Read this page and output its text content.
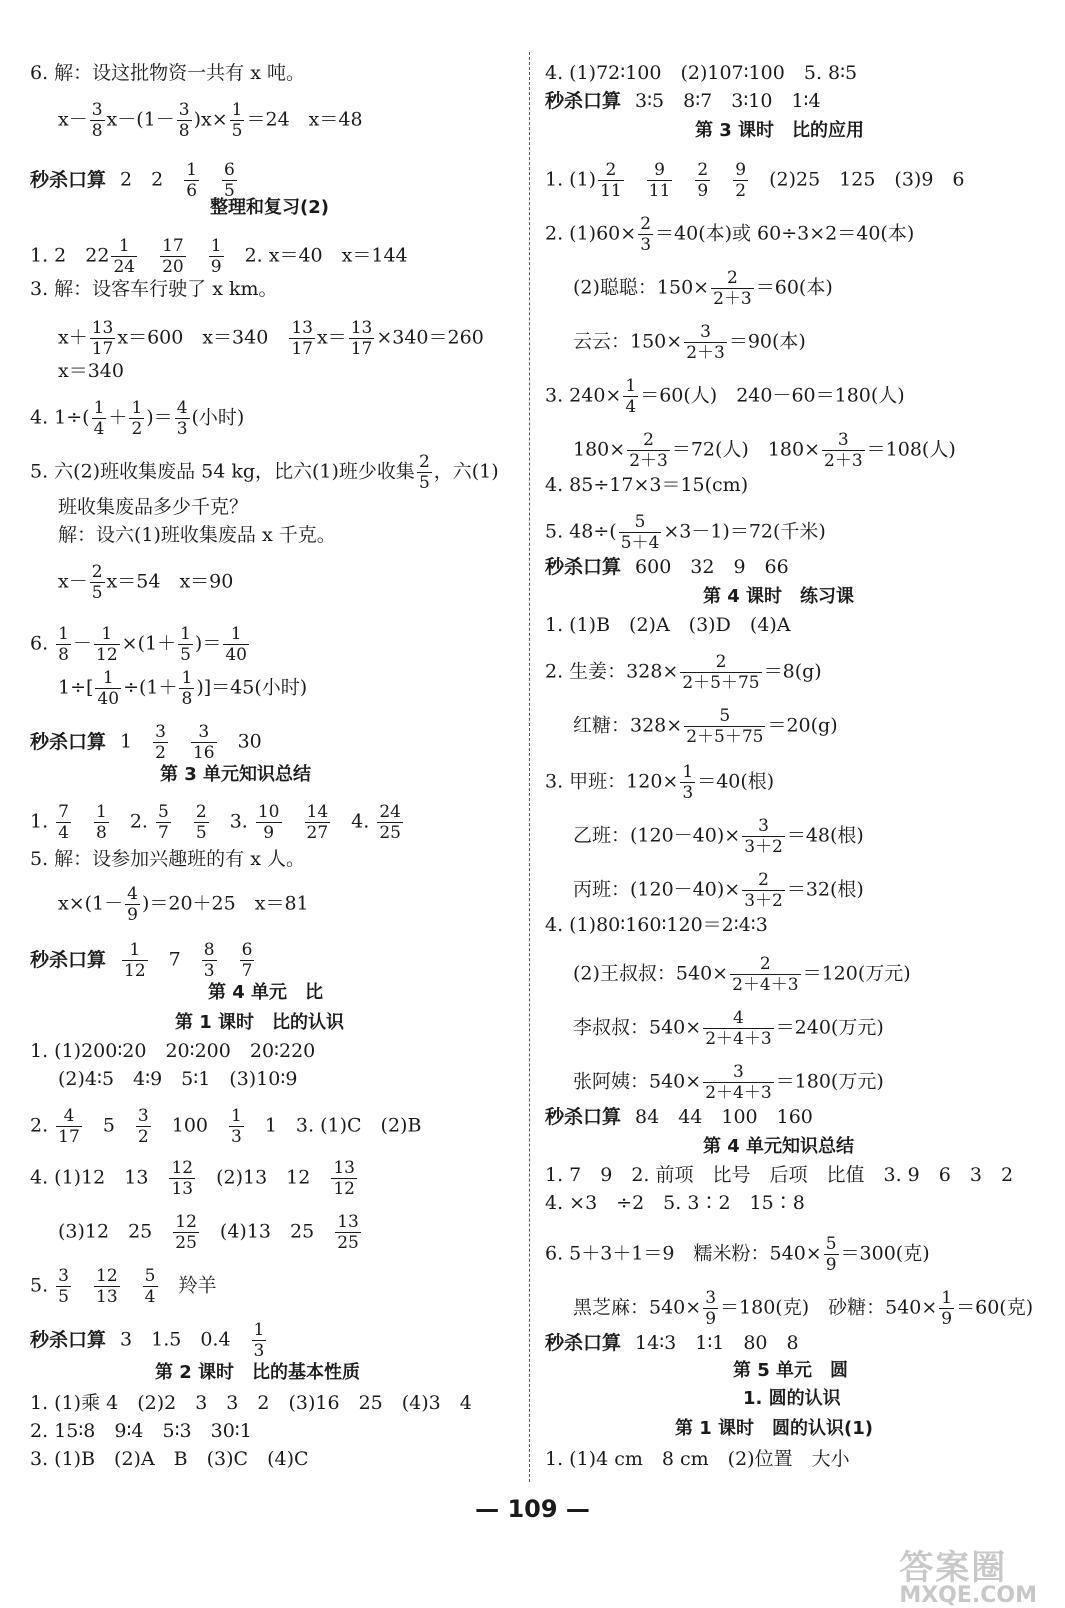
6. 解：设这批物资一共有 x 吨。
$x- \frac{3}{8} x-(1- \frac{3}{8} )x\times \frac{1}{5} =24$　x＝48
秒杀口算 2　2　 $\frac{1}{6}$
　 $\frac{6}{5}$
整理和复习(2)
1. 2　$22 \frac{1}{24}$
　 $\frac{17}{20}$
　 $\frac{1}{9}$ 　2. x＝40　x＝144
3. 解：设客车行驶了 x km。
$x+ \frac{13}{17} x=600$　x＝340　 $\frac{13}{17} x= \frac{13}{17} \times 340=260$
x＝340
4. $1\div( \frac{1}{4} + \frac{1}{2}$ )＝ $\frac{4}{3}$ (小时)
5. 六(2)班收集废品 54 kg，比六(1)班少收集 $\frac{2}{5}$ ，六(1)
班收集废品多少千克？
解：设六(1)班收集废品 x 千克。
$x- \frac{2}{5} x=54$　x＝90
6. $\frac{1}{8} - \frac{1}{12} \times(1+ \frac{1}{5}$ )＝ $\frac{1}{40}$
$1\div[ \frac{1}{40} \div(1+ \frac{1}{8} )]=45$(小时)
秒杀口算 1　 $\frac{3}{2}$
　 $\frac{3}{16}$ 　30
第 3 单元知识总结
1. $\frac{7}{4}$
　 $\frac{1}{8}$ 　2. $\frac{5}{7}$
　 $\frac{2}{5}$ 　3. $\frac{10}{9}$
　 $\frac{14}{27}$ 　4. $\frac{24}{25}$
5. 解：设参加兴趣班的有 x 人。
$x\times(1- \frac{4}{9} )=20+25$　x＝81
秒杀口算 $\frac{1}{12}$ 　7　 $\frac{8}{3}$
　 $\frac{6}{7}$
第 4 单元　比
第 1 课时　比的认识
1. (1)200∶20　20∶200　20∶220
(2)4∶5　4∶9　5∶1　(3)10∶9
2. $\frac{4}{17}$ 　5　 $\frac{3}{2}$ 　100　 $\frac{1}{3}$ 　1　3. (1)C　(2)B
4. (1)12　13　 $\frac{12}{13}$ 　(2)13　12　 $\frac{13}{12}$
(3)12　25　 $\frac{12}{25}$ 　(4)13　25　 $\frac{13}{25}$
5. $\frac{3}{5}$
　 $\frac{12}{13}$
　 $\frac{5}{4}$ 　羚羊
秒杀口算 3　1.5　0.4　 $\frac{1}{3}$
第 2 课时　比的基本性质
1. (1)乘 4　(2)2　3　3　2　(3)16　25　(4)3　4
2. 15∶8　9∶4　5∶3　30∶1
3. (1)B　(2)A　B　(3)C　(4)C
4. (1)72∶100　(2)107∶100　5. 8∶5
秒杀口算 3∶5　8∶7　3∶10　1∶4
第 3 课时　比的应用
1. $(1) \frac{2}{11}$
　 $\frac{9}{11}$
　 $\frac{2}{9}$
　 $\frac{9}{2}$ 　(2)25　125　(3)9　6
2. $(1)60\times \frac{2}{3} =40$(本)或 60÷3×2＝40(本)
(2)聪聪：$150\times \frac{2}{2+3} =60$(本)
云云：$150\times \frac{3}{2+3} =90$(本)
3. $240\times \frac{1}{4} =60$(人)　240－60＝180(人)
$180\times \frac{2}{2+3} =72$(人)　$180\times \frac{3}{2+3} =108$(人)
4. 85÷17×3＝15(cm)
5. $48\div( \frac{5}{5+4} \times 3-1)=72$(千米)
秒杀口算 600　32　9　66
第 4 课时　练习课
1. (1)B　(2)A　(3)D　(4)A
2. 生姜：$328\times \frac{2}{2+5+75} =8(g)$
红糖：$328\times \frac{5}{2+5+75} =20(g)$
3. 甲班：$120\times \frac{1}{3} =40$(根)
乙班：$(120-40)\times \frac{3}{3+2} =48$(根)
丙班：$(120-40)\times \frac{2}{3+2} =32$(根)
4. (1)80∶160∶120＝2∶4∶3
(2)王叔叔：$540\times \frac{2}{2+4+3} =120$(万元)
李叔叔：$540\times \frac{4}{2+4+3} =240$(万元)
张阿姨：$540\times \frac{3}{2+4+3} =180$(万元)
秒杀口算 84　44　100　160
第 4 单元知识总结
1. 7　9　2. 前项　比号　后项　比值　3. 9　6　3　2
4. ×3　÷2　5. 3∶2　15∶8
6. 5＋3＋1＝9　糯米粉：$540\times \frac{5}{9} =300$(克)
黑芝麻：$540\times \frac{3}{9} =180$(克)　砂糖：$540\times \frac{1}{9} =60$(克)
秒杀口算 14∶3　1∶1　80　8
第 5 单元　圆
1. 圆的认识
第 1 课时　圆的认识(1)
1. (1)4 cm　8 cm　(2)位置　大小
— 109 —
答案圈
MXQE.COM
